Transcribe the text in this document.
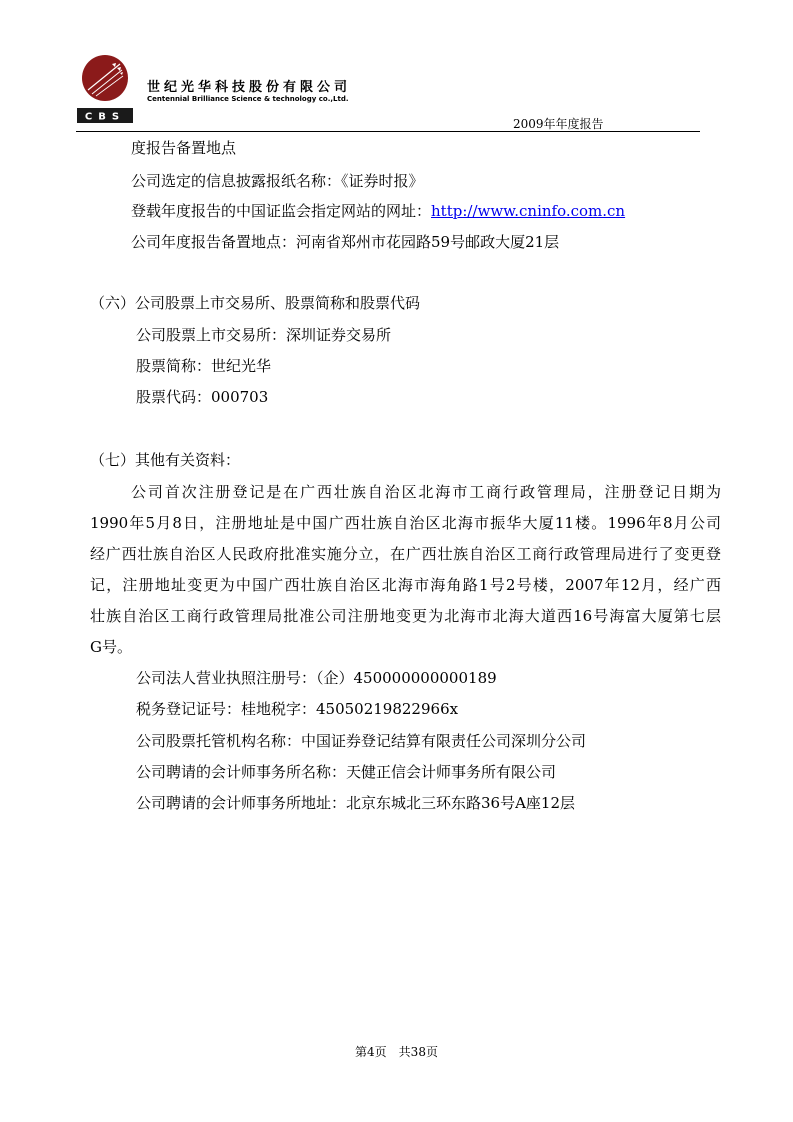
CBS
世纪光华科技股份有限公司
Centennial Brilliance Science & technology co.,Ltd.
2009年年度报告
度报告备置地点
公司选定的信息披露报纸名称：《证券时报》
登载年度报告的中国证监会指定网站的网址：http://www.cninfo.com.cn
公司年度报告备置地点：河南省郑州市花园路59号邮政大厦21层
（六）公司股票上市交易所、股票简称和股票代码
公司股票上市交易所：深圳证券交易所
股票简称：世纪光华
股票代码：000703
（七）其他有关资料：
公司首次注册登记是在广西壮族自治区北海市工商行政管理局，注册登记日期为
1990年5月8日，注册地址是中国广西壮族自治区北海市振华大厦11楼。1996年8月公司
经广西壮族自治区人民政府批准实施分立，在广西壮族自治区工商行政管理局进行了变更登
记，注册地址变更为中国广西壮族自治区北海市海角路1号2号楼，2007年12月，经广西
壮族自治区工商行政管理局批准公司注册地变更为北海市北海大道西16号海富大厦第七层
G号。
公司法人营业执照注册号：（企）450000000000189
税务登记证号：桂地税字：45050219822966x
公司股票托管机构名称：中国证券登记结算有限责任公司深圳分公司
公司聘请的会计师事务所名称：天健正信会计师事务所有限公司
公司聘请的会计师事务所地址：北京东城北三环东路36号A座12层
第4页　共38页
